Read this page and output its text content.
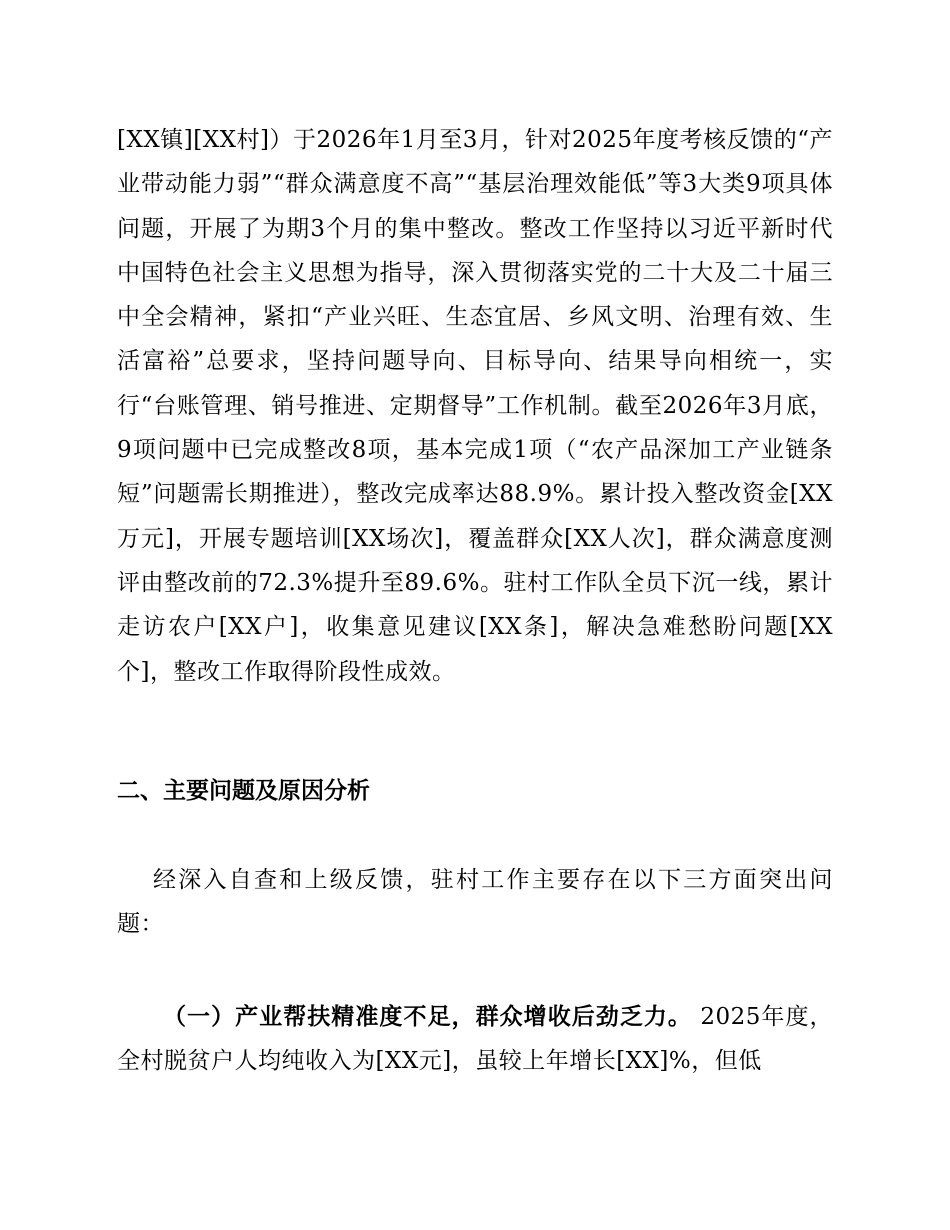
[XX镇][XX村]）于2026年1月至3月，针对2025年度考核反馈的“产业带动能力弱”“群众满意度不高”“基层治理效能低”等3大类9项具体问题，开展了为期3个月的集中整改。整改工作坚持以习近平新时代中国特色社会主义思想为指导，深入贯彻落实党的二十大及二十届三中全会精神，紧扣“产业兴旺、生态宜居、乡风文明、治理有效、生活富裕”总要求，坚持问题导向、目标导向、结果导向相统一，实行“台账管理、销号推进、定期督导”工作机制。截至2026年3月底，9项问题中已完成整改8项，基本完成1项（“农产品深加工产业链条短”问题需长期推进），整改完成率达88.9%。累计投入整改资金[XX万元]，开展专题培训[XX场次]，覆盖群众[XX人次]，群众满意度测评由整改前的72.3%提升至89.6%。驻村工作队全员下沉一线，累计走访农户[XX户]，收集意见建议[XX条]，解决急难愁盼问题[XX个]，整改工作取得阶段性成效。
二、主要问题及原因分析
经深入自查和上级反馈，驻村工作主要存在以下三方面突出问题：
（一）产业帮扶精准度不足，群众增收后劲乏力。 2025年度，全村脱贫户人均纯收入为[XX元]，虽较上年增长[XX]%，但低
